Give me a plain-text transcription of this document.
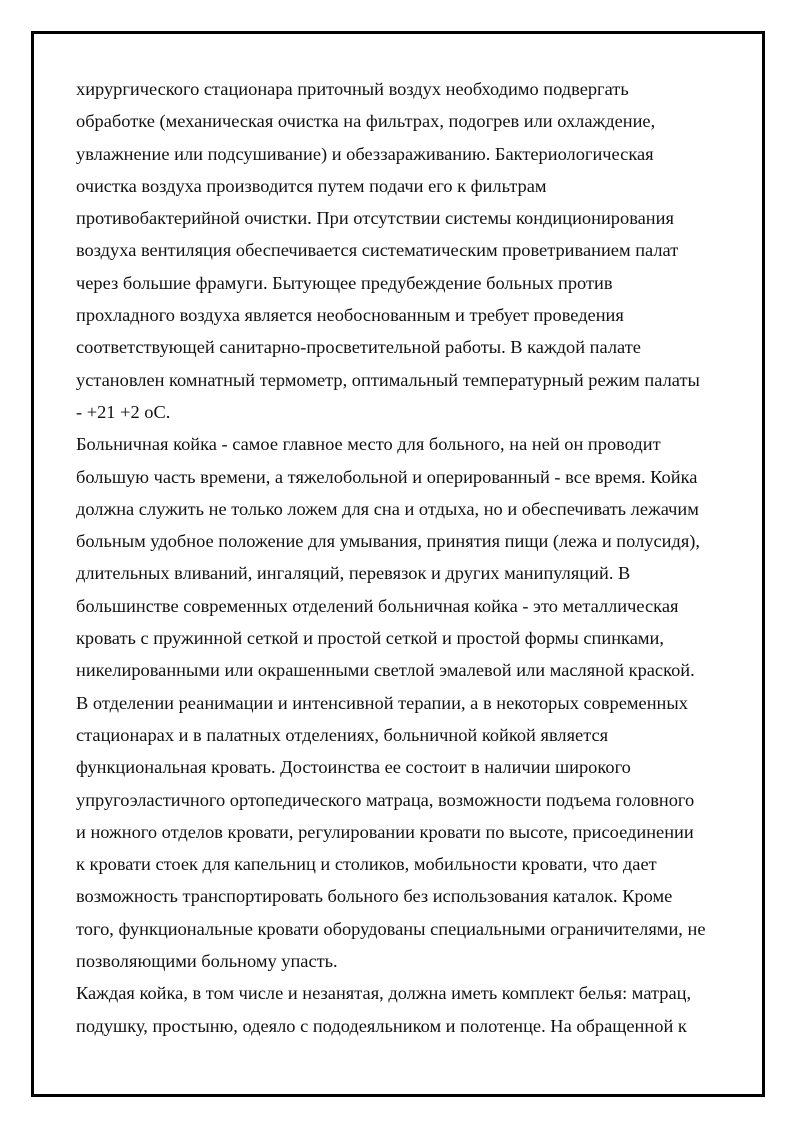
хирургического стационара приточный воздух необходимо подвергать
обработке (механическая очистка на фильтрах, подогрев или охлаждение,
увлажнение или подсушивание) и обеззараживанию. Бактериологическая
очистка воздуха производится путем подачи его к фильтрам
противобактерийной очистки. При отсутствии системы кондиционирования
воздуха вентиляция обеспечивается систематическим проветриванием палат
через большие фрамуги. Бытующее предубеждение больных против
прохладного воздуха является необоснованным и требует проведения
соответствующей санитарно-просветительной работы. В каждой палате
установлен комнатный термометр, оптимальный температурный режим палаты
- +21 +2 оС.
Больничная койка - самое главное место для больного, на ней он проводит
большую часть времени, а тяжелобольной и оперированный - все время. Койка
должна служить не только ложем для сна и отдыха, но и обеспечивать лежачим
больным удобное положение для умывания, принятия пищи (лежа и полусидя),
длительных вливаний, ингаляций, перевязок и других манипуляций. В
большинстве современных отделений больничная койка - это металлическая
кровать с пружинной сеткой и простой сеткой и простой формы спинками,
никелированными или окрашенными светлой эмалевой или масляной краской.
В отделении реанимации и интенсивной терапии, а в некоторых современных
стационарах и в палатных отделениях, больничной койкой является
функциональная кровать. Достоинства ее состоит в наличии широкого
упругоэластичного ортопедического матраца, возможности подъема головного
и ножного отделов кровати, регулировании кровати по высоте, присоединении
к кровати стоек для капельниц и столиков, мобильности кровати, что дает
возможность транспортировать больного без использования каталок. Кроме
того, функциональные кровати оборудованы специальными ограничителями, не
позволяющими больному упасть.
Каждая койка, в том числе и незанятая, должна иметь комплект белья: матрац,
подушку, простыню, одеяло с пододеяльником и полотенце. На обращенной к
